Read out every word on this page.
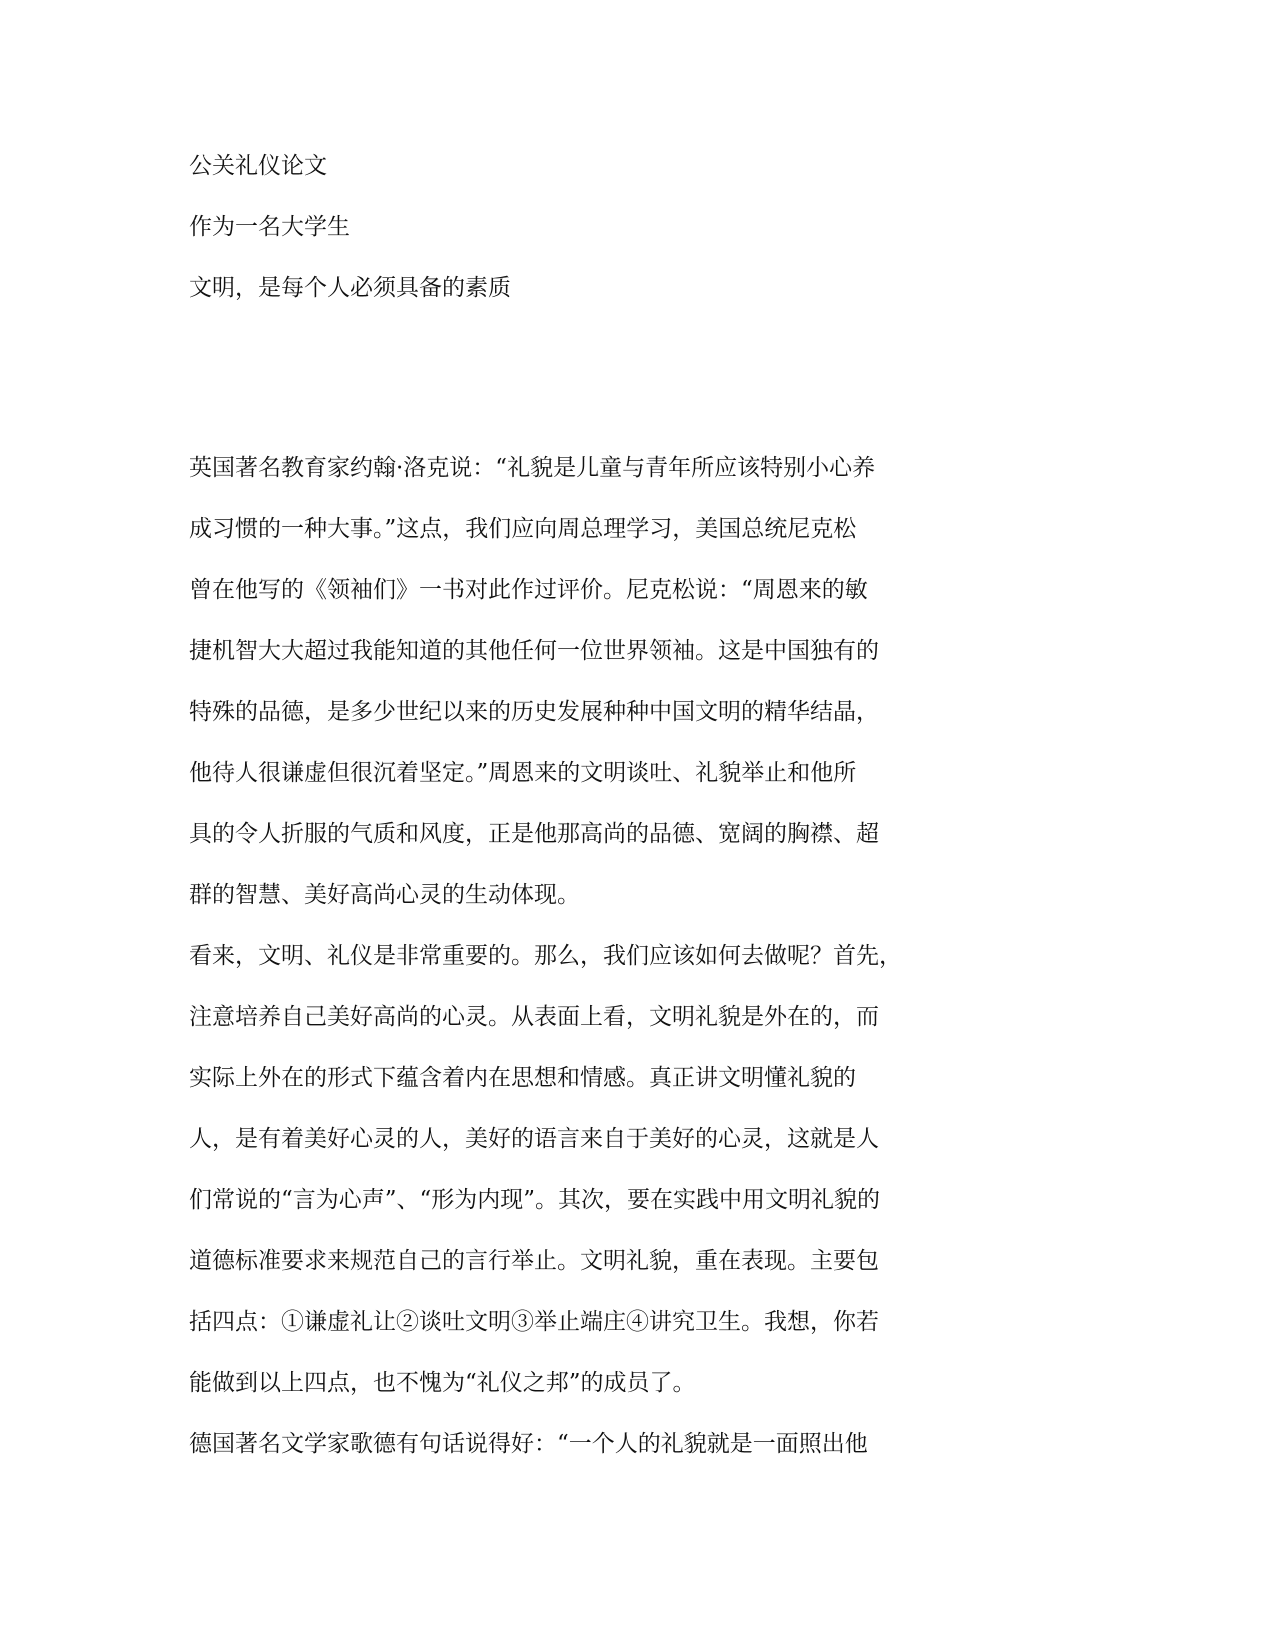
公关礼仪论文
作为一名大学生
文明，是每个人必须具备的素质
英国著名教育家约翰·洛克说：“礼貌是儿童与青年所应该特别小心养
成习惯的一种大事。”这点，我们应向周总理学习，美国总统尼克松
曾在他写的《领袖们》一书对此作过评价。尼克松说：“周恩来的敏
捷机智大大超过我能知道的其他任何一位世界领袖。这是中国独有的
特殊的品德，是多少世纪以来的历史发展种种中国文明的精华结晶，
他待人很谦虚但很沉着坚定。”周恩来的文明谈吐、礼貌举止和他所
具的令人折服的气质和风度，正是他那高尚的品德、宽阔的胸襟、超
群的智慧、美好高尚心灵的生动体现。
看来，文明、礼仪是非常重要的。那么，我们应该如何去做呢？首先，
注意培养自己美好高尚的心灵。从表面上看，文明礼貌是外在的，而
实际上外在的形式下蕴含着内在思想和情感。真正讲文明懂礼貌的
人，是有着美好心灵的人，美好的语言来自于美好的心灵，这就是人
们常说的“言为心声”、“形为内现”。其次，要在实践中用文明礼貌的
道德标准要求来规范自己的言行举止。文明礼貌，重在表现。主要包
括四点：①谦虚礼让②谈吐文明③举止端庄④讲究卫生。我想，你若
能做到以上四点，也不愧为“礼仪之邦”的成员了。
德国著名文学家歌德有句话说得好：“一个人的礼貌就是一面照出他
